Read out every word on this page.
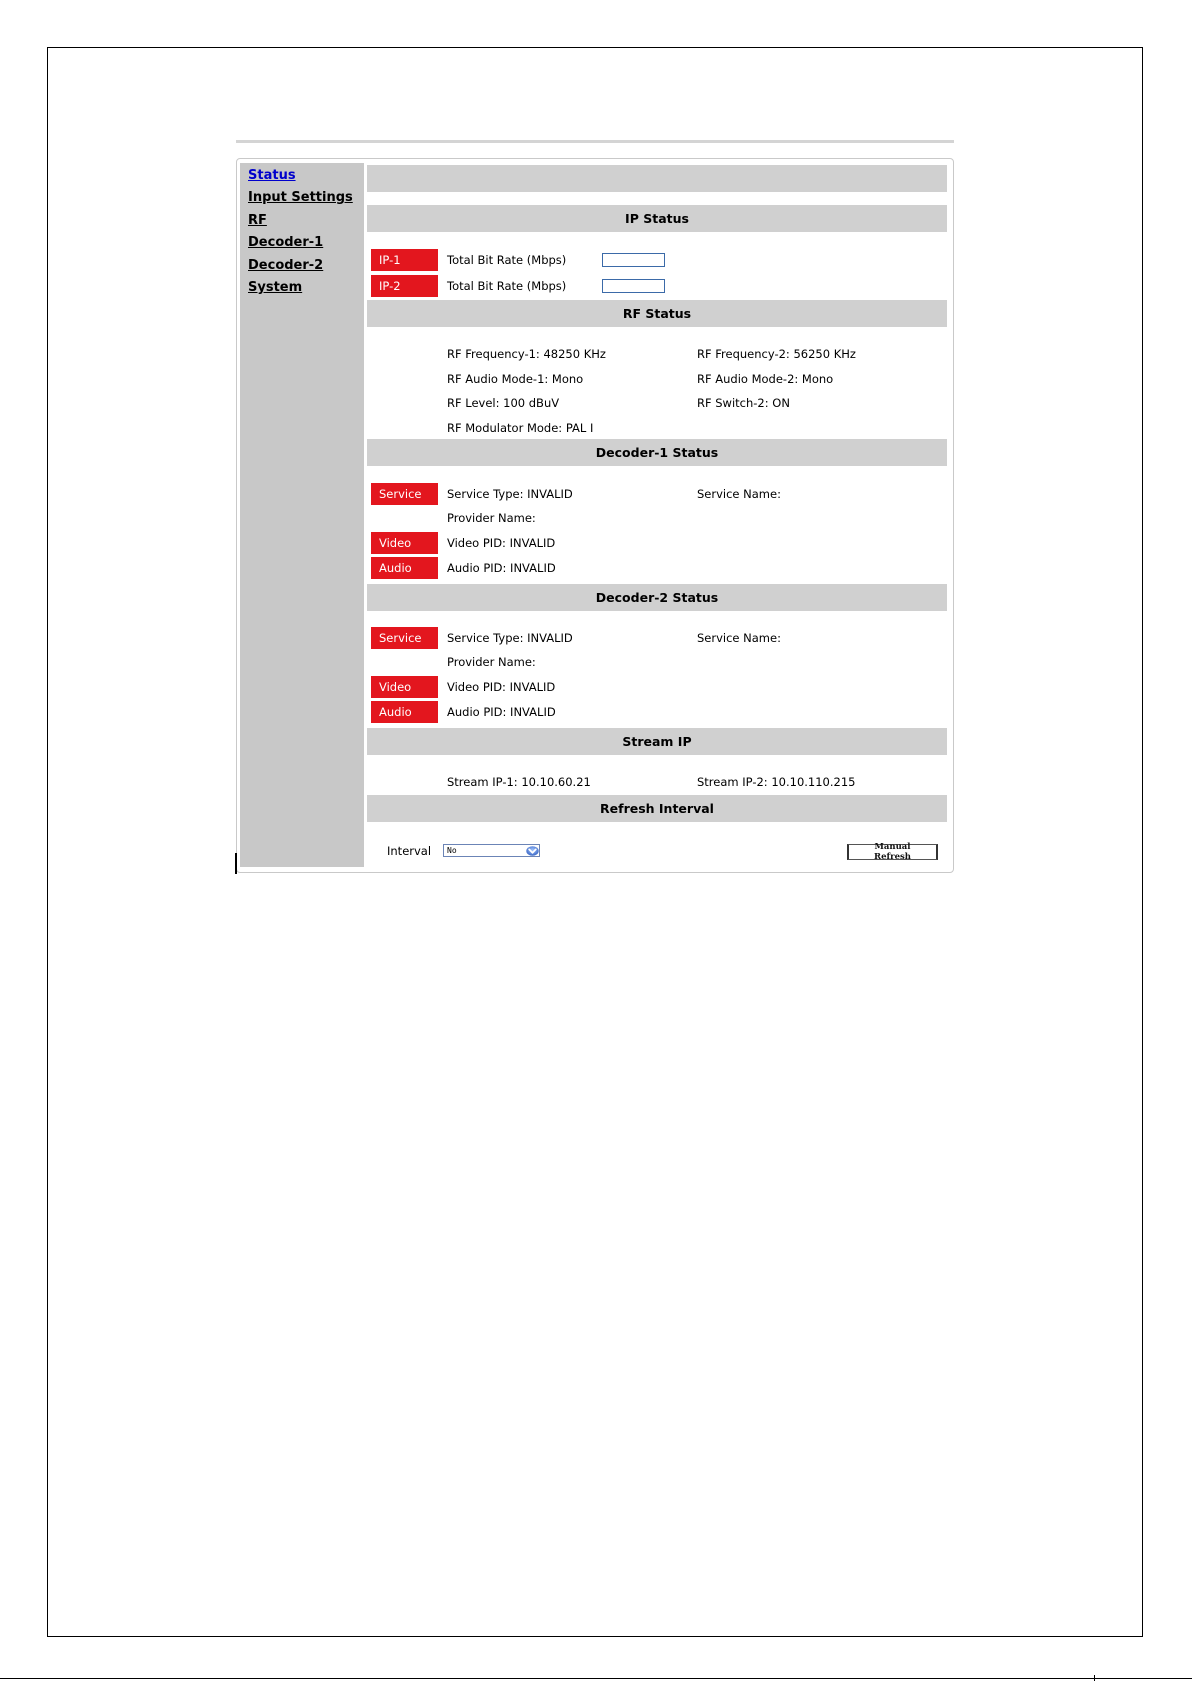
Status
Input Settings
RF
Decoder-1
Decoder-2
System
IP Status
IP-1	Total Bit Rate (Mbps)
IP-2	Total Bit Rate (Mbps)
RF Status
RF Frequency-1: 48250 KHz	RF Frequency-2: 56250 KHz
RF Audio Mode-1: Mono	RF Audio Mode-2: Mono
RF Level: 100 dBuV	RF Switch-2: ON
RF Modulator Mode: PAL I
Decoder-1 Status
Service	Service Type: INVALID	Service Name:
Provider Name:
Video	Video PID: INVALID
Audio	Audio PID: INVALID
Decoder-2 Status
Service	Service Type: INVALID	Service Name:
Provider Name:
Video	Video PID: INVALID
Audio	Audio PID: INVALID
Stream IP
Stream IP-1: 10.10.60.21	Stream IP-2: 10.10.110.215
Refresh Interval
Interval	No	Manual Refresh
